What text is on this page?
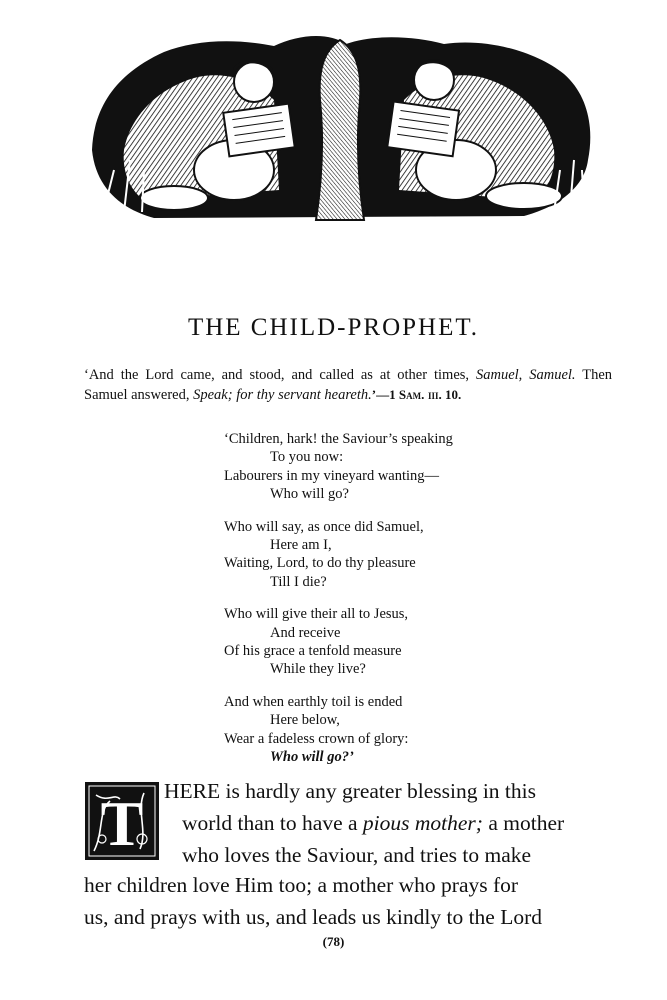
THE CHILD-PROPHET.
‘And the Lord came, and stood, and called as at other times, Samuel, Samuel. Then Samuel answered, Speak; for thy servant heareth.’—1 Sam. iii. 10.
‘Children, hark! the Saviour’s speaking
To you now:
Labourers in my vineyard wanting—
Who will go?
Who will say, as once did Samuel,
Here am I,
Waiting, Lord, to do thy pleasure
Till I die?
Who will give their all to Jesus,
And receive
Of his grace a tenfold measure
While they live?
And when earthly toil is ended
Here below,
Wear a fadeless crown of glory:
Who will go?’
T HERE is hardly any greater blessing in this
world than to have a pious mother; a mother
who loves the Saviour, and tries to make
her children love Him too; a mother who prays for
us, and prays with us, and leads us kindly to the Lord
(78)
